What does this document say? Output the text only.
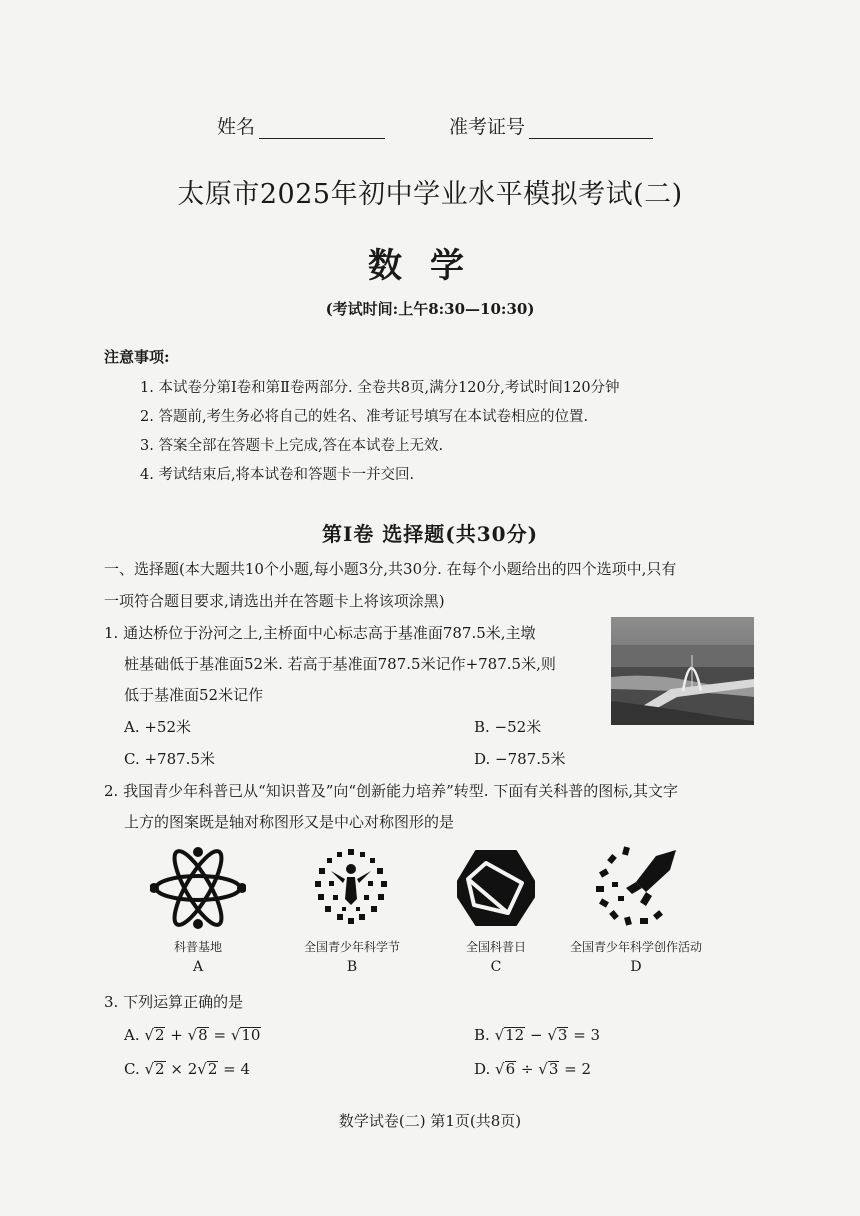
姓名	准考证号
太原市2025年初中学业水平模拟考试(二)
数学
(考试时间:上午8:30—10:30)
注意事项:
1. 本试卷分第Ⅰ卷和第Ⅱ卷两部分. 全卷共8页,满分120分,考试时间120分钟
2. 答题前,考生务必将自己的姓名、准考证号填写在本试卷相应的位置.
3. 答案全部在答题卡上完成,答在本试卷上无效.
4. 考试结束后,将本试卷和答题卡一并交回.
第Ⅰ卷 选择题(共30分)
一、选择题(本大题共10个小题,每小题3分,共30分. 在每个小题给出的四个选项中,只有
一项符合题目要求,请选出并在答题卡上将该项涂黑)
1. 通达桥位于汾河之上,主桥面中心标志高于基准面787.5米,主墩
桩基础低于基准面52米. 若高于基准面787.5米记作+787.5米,则
低于基准面52米记作
A. +52米	B. −52米
C. +787.5米	D. −787.5米
2. 我国青少年科普已从“知识普及”向“创新能力培养”转型. 下面有关科普的图标,其文字
上方的图案既是轴对称图形又是中心对称图形的是
科普基地
A
全国青少年科学节
B
全国科普日
C
全国青少年科学创作活动
D
3. 下列运算正确的是
A. √2 + √8 = √10	B. √12 − √3 = 3
C. √2 × 2√2 = 4	D. √6 ÷ √3 = 2
数学试卷(二) 第1页(共8页)
